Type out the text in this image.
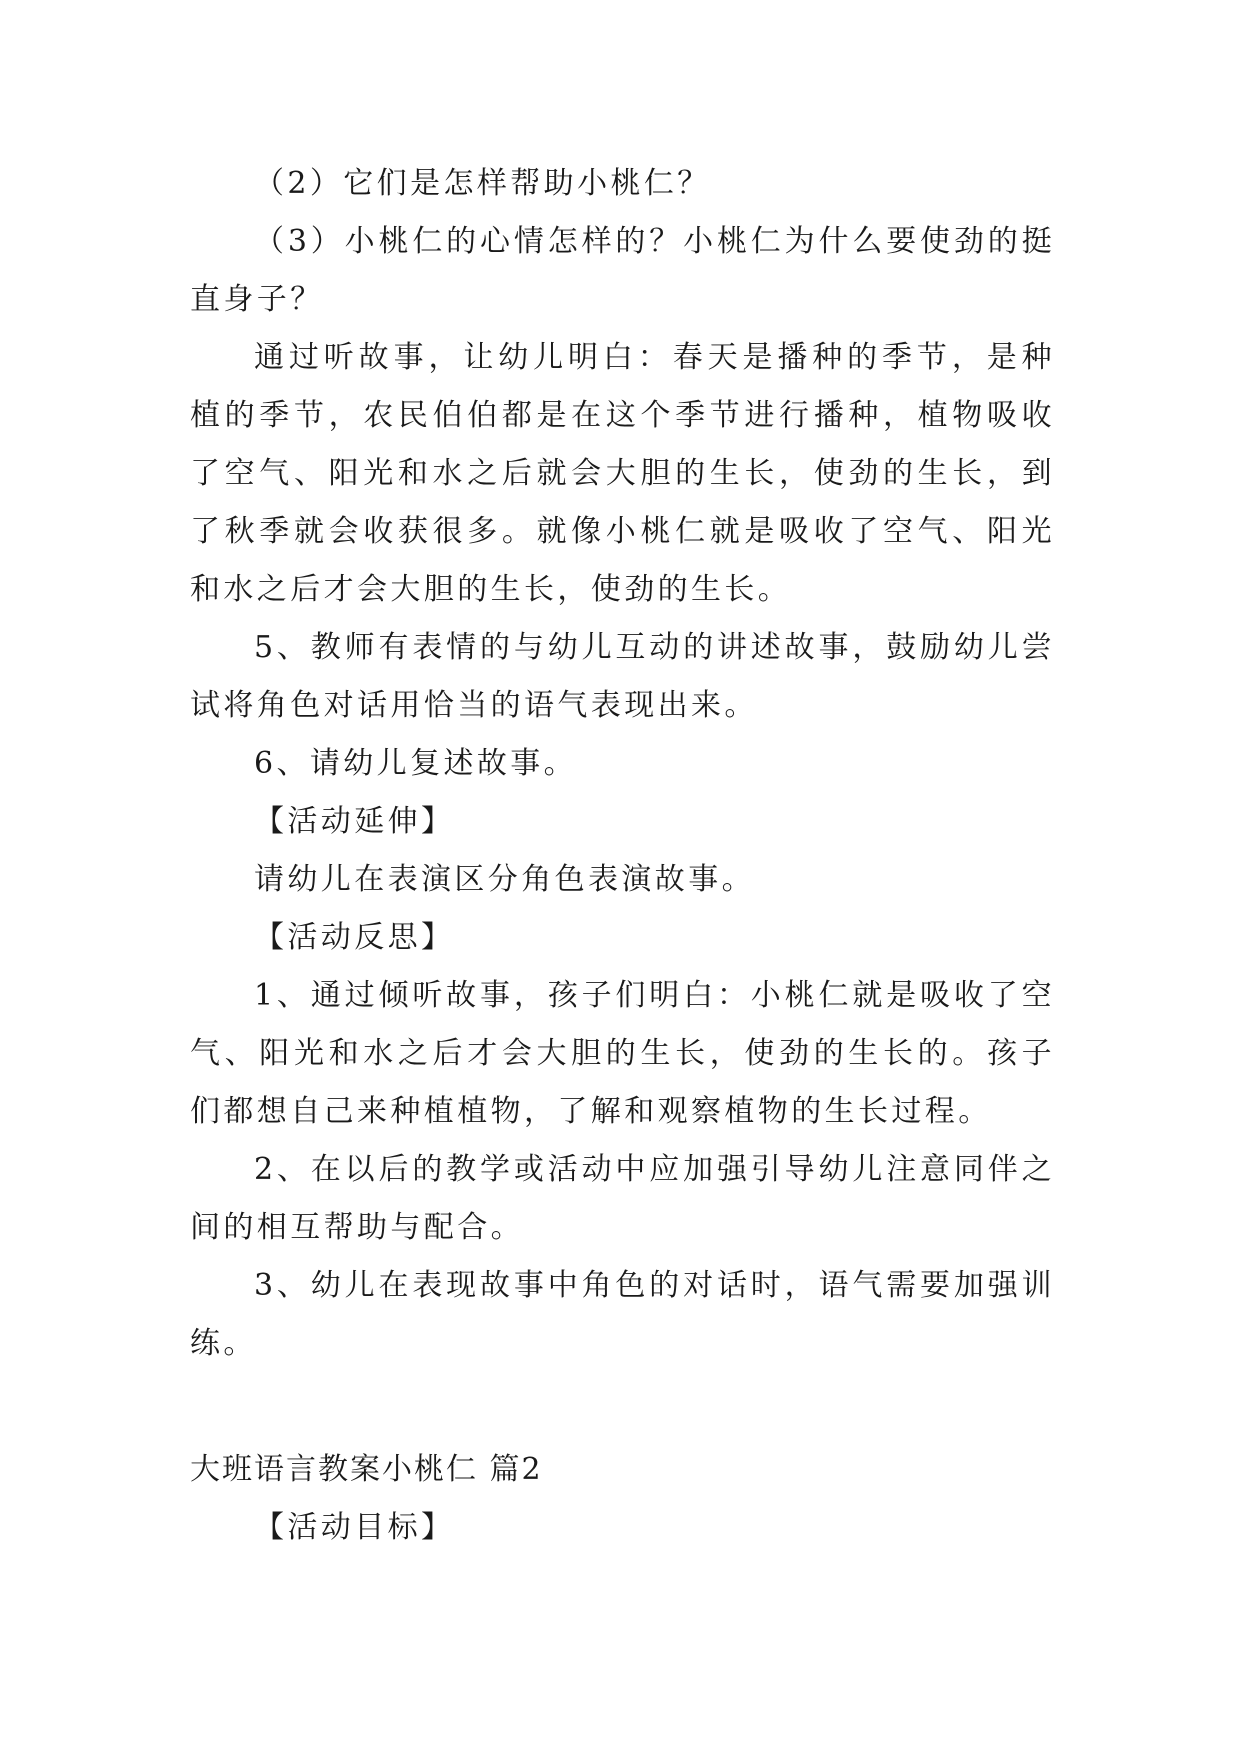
（2）它们是怎样帮助小桃仁？

（3）小桃仁的心情怎样的？小桃仁为什么要使劲的挺直身子？

通过听故事，让幼儿明白：春天是播种的季节，是种植的季节，农民伯伯都是在这个季节进行播种，植物吸收了空气、阳光和水之后就会大胆的生长，使劲的生长，到了秋季就会收获很多。就像小桃仁就是吸收了空气、阳光和水之后才会大胆的生长，使劲的生长。

5、教师有表情的与幼儿互动的讲述故事，鼓励幼儿尝试将角色对话用恰当的语气表现出来。

6、请幼儿复述故事。

【活动延伸】

请幼儿在表演区分角色表演故事。

【活动反思】

1、通过倾听故事，孩子们明白：小桃仁就是吸收了空气、阳光和水之后才会大胆的生长，使劲的生长的。孩子们都想自己来种植植物，了解和观察植物的生长过程。

2、在以后的教学或活动中应加强引导幼儿注意同伴之间的相互帮助与配合。

3、幼儿在表现故事中角色的对话时，语气需要加强训练。

大班语言教案小桃仁 篇2

【活动目标】
